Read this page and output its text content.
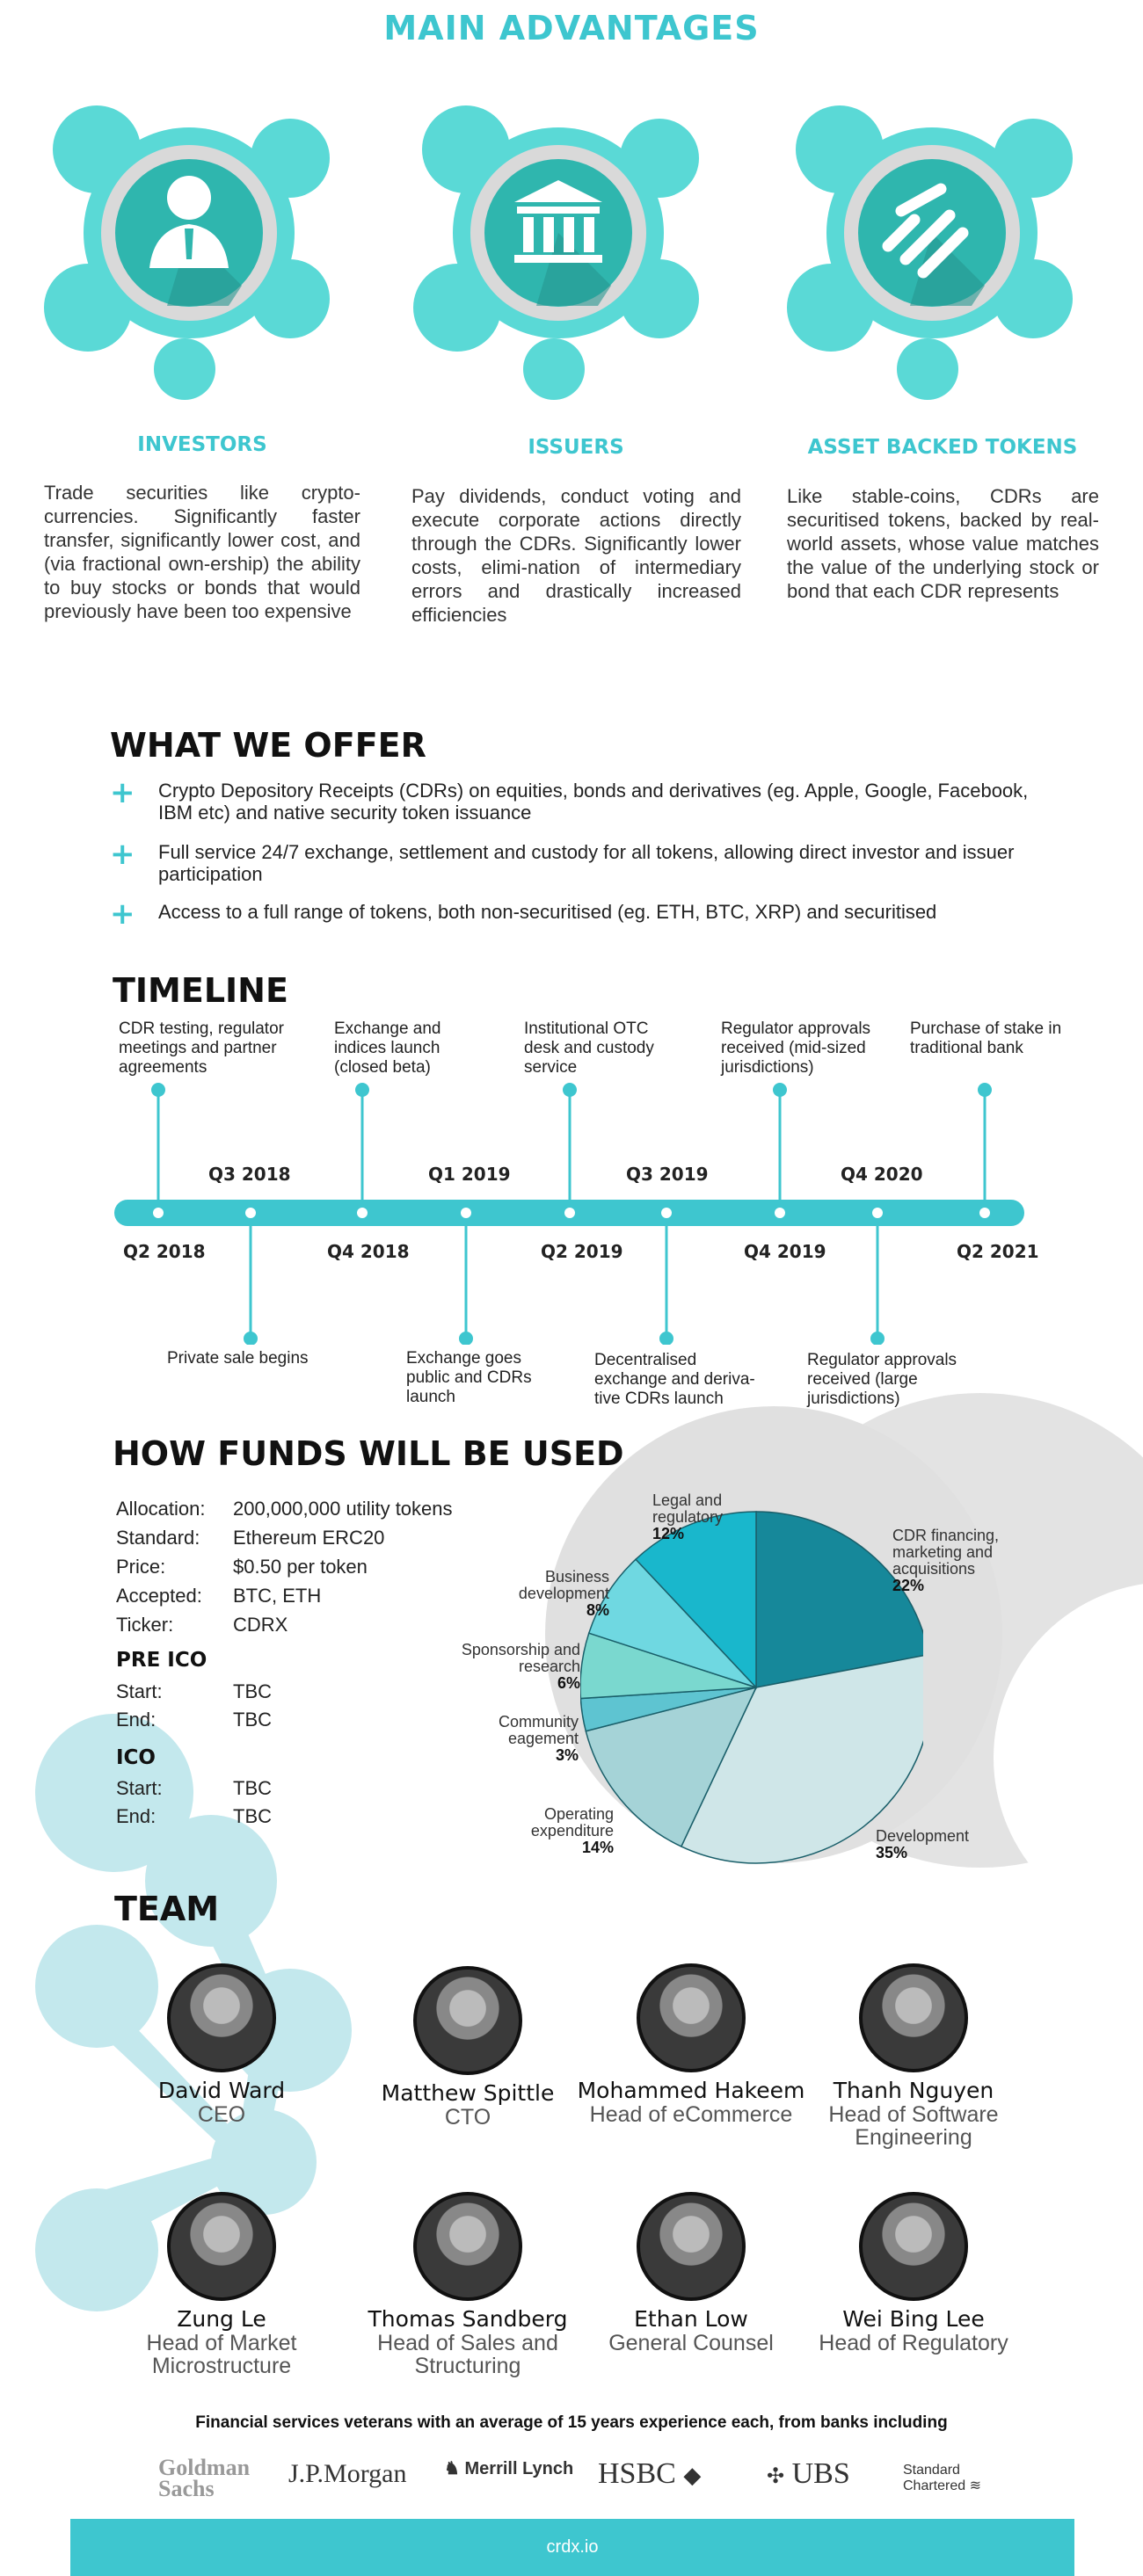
MAIN ADVANTAGES
INVESTORS	ISSUERS	ASSET BACKED TOKENS
Trade securities like crypto-currencies. Significantly faster transfer, significantly lower cost, and (via fractional own-ership) the ability to buy stocks or bonds that would previously have been too expensive
Pay dividends, conduct voting and execute corporate actions directly through the CDRs. Significantly lower costs, elimi-nation of intermediary errors and drastically increased efficiencies
Like stable-coins, CDRs are securitised tokens, backed by real-world assets, whose value matches the value of the underlying stock or bond that each CDR represents
WHAT WE OFFER
+ Crypto Depository Receipts (CDRs) on equities, bonds and derivatives (eg. Apple, Google, Facebook, IBM etc) and native security token issuance
+ Full service 24/7 exchange, settlement and custody for all tokens, allowing direct investor and issuer participation
+ Access to a full range of tokens, both non-securitised (eg. ETH, BTC, XRP) and securitised
TIMELINE
CDR testing, regulator meetings and partner agreements
Exchange and indices launch (closed beta)
Institutional OTC desk and custody service
Regulator approvals received (mid-sized jurisdictions)
Purchase of stake in traditional bank
Q3 2018	Q1 2019	Q3 2019	Q4 2020
Q2 2018	Q4 2018	Q2 2019	Q4 2019	Q2 2021
Private sale begins	Exchange goes public and CDRs launch
Decentralised exchange and deriva-tive CDRs launch
Regulator approvals received (large jurisdictions)
HOW FUNDS WILL BE USED
Allocation: 200,000,000 utility tokens
Standard: Ethereum ERC20
Price:	$0.50 per token
Accepted: BTC, ETH
Ticker:	CDRX
PRE ICO
Start:	TBC
End:	TBC
ICO
Start:	TBC
End:	TBC
CDR financing, marketing and acquisitions
22%
Development
35%
Operating expenditure
14%
Community eagement
3%
Sponsorship and research
6%
Business development
8%
Legal and regulatory
12%
TEAM
David Ward
CEO
Matthew Spittle
CTO
Mohammed Hakeem
Head of eCommerce
Thanh Nguyen
Head of Software Engineering
Zung Le
Head of Market Microstructure
Thomas Sandberg
Head of Sales and Structuring
Ethan Low
General Counsel
Wei Bing Lee
Head of Regulatory
Financial services veterans with an average of 15 years experience each, from banks including
Goldman Sachs
J.P.Morgan ♞ Merrill Lynch HSBC ◆	✣ UBS	Standard Chartered ≋
crdx.io
